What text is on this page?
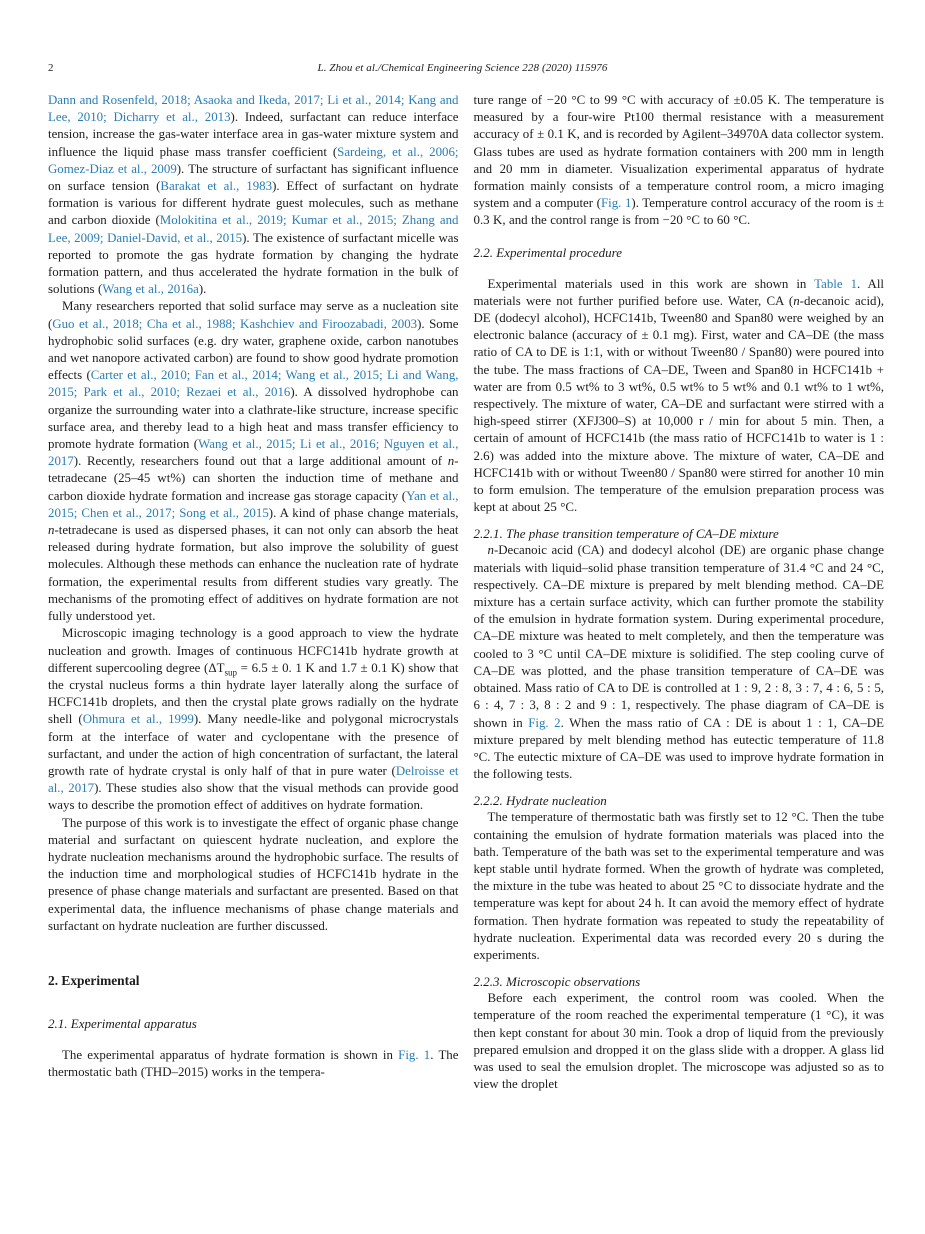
2	L. Zhou et al./Chemical Engineering Science 228 (2020) 115976

Dann and Rosenfeld, 2018; Asaoka and Ikeda, 2017; Li et al., 2014; Kang and Lee, 2010; Dicharry et al., 2013). Indeed, surfactant can reduce interface tension, increase the gas-water interface area in gas-water mixture system and influence the liquid phase mass transfer coefficient (Sardeing, et al., 2006; Gomez-Diaz et al., 2009). The structure of surfactant has significant influence on surface tension (Barakat et al., 1983). Effect of surfactant on hydrate formation is various for different hydrate guest molecules, such as methane and carbon dioxide (Molokitina et al., 2019; Kumar et al., 2015; Zhang and Lee, 2009; Daniel-David, et al., 2015). The existence of surfactant micelle was reported to promote the gas hydrate formation by changing the hydrate formation pattern, and thus accelerated the hydrate formation in the bulk of solutions (Wang et al., 2016a).

Many researchers reported that solid surface may serve as a nucleation site (Guo et al., 2018; Cha et al., 1988; Kashchiev and Firoozabadi, 2003). Some hydrophobic solid surfaces (e.g. dry water, graphene oxide, carbon nanotubes and wet nanopore activated carbon) are found to show good hydrate promotion effects (Carter et al., 2010; Fan et al., 2014; Wang et al., 2015; Li and Wang, 2015; Park et al., 2010; Rezaei et al., 2016). A dissolved hydrophobe can organize the surrounding water into a clathrate-like structure, increase specific surface area, and thereby lead to a high heat and mass transfer efficiency to promote hydrate formation (Wang et al., 2015; Li et al., 2016; Nguyen et al., 2017). Recently, researchers found out that a large additional amount of n-tetradecane (25–45 wt%) can shorten the induction time of methane and carbon dioxide hydrate formation and increase gas storage capacity (Yan et al., 2015; Chen et al., 2017; Song et al., 2015). A kind of phase change materials, n-tetradecane is used as dispersed phases, it can not only can absorb the heat released during hydrate formation, but also improve the solubility of guest molecules. Although these methods can enhance the nucleation rate of hydrate formation, the experimental results from different studies vary greatly. The mechanisms of the promoting effect of additives on hydrate formation are not fully understood yet.

Microscopic imaging technology is a good approach to view the hydrate nucleation and growth. Images of continuous HCFC141b hydrate growth at different supercooling degree ($\Delta T_{sup} = 6.5 \pm 0$. 1 K and 1.7 ± 0.1 K) show that the crystal nucleus forms a thin hydrate layer laterally along the surface of HCFC141b droplets, and then the crystal plate grows radially on the hydrate shell (Ohmura et al., 1999). Many needle-like and polygonal microcrystals form at the interface of water and cyclopentane with the presence of surfactant, and under the action of high concentration of surfactant, the lateral growth rate of hydrate crystal is only half of that in pure water (Delroisse et al., 2017). These studies also show that the visual methods can provide good ways to describe the promotion effect of additives on hydrate formation.

The purpose of this work is to investigate the effect of organic phase change material and surfactant on quiescent hydrate nucleation, and explore the hydrate nucleation mechanisms around the hydrophobic surface. The results of the induction time and morphological studies of HCFC141b hydrate in the presence of phase change materials and surfactant are presented. Based on that experimental data, the influence mechanisms of phase change materials and surfactant on hydrate nucleation are further discussed.

2. Experimental
2.1. Experimental apparatus

The experimental apparatus of hydrate formation is shown in Fig. 1. The thermostatic bath (THD–2015) works in the tempera-

ture range of −20 °C to 99 °C with accuracy of ±0.05 K. The temperature is measured by a four-wire Pt100 thermal resistance with a measurement accuracy of ± 0.1 K, and is recorded by Agilent–34970A data collector system. Glass tubes are used as hydrate formation containers with 200 mm in length and 20 mm in diameter. Visualization experimental apparatus of hydrate formation mainly consists of a temperature control room, a micro imaging system and a computer (Fig. 1). Temperature control accuracy of the room is ± 0.3 K, and the control range is from −20 °C to 60 °C.

2.2. Experimental procedure

Experimental materials used in this work are shown in Table 1. All materials were not further purified before use. Water, CA (n-decanoic acid), DE (dodecyl alcohol), HCFC141b, Tween80 and Span80 were weighed by an electronic balance (accuracy of ± 0.1 mg). First, water and CA–DE (the mass ratio of CA to DE is 1:1, with or without Tween80 / Span80) were poured into the tube. The mass fractions of CA–DE, Tween and Span80 in HCFC141b + water are from 0.5 wt% to 3 wt%, 0.5 wt% to 5 wt% and 0.1 wt% to 1 wt%, respectively. The mixture of water, CA–DE and surfactant were stirred with a high-speed stirrer (XFJ300–S) at 10,000 r / min for about 5 min. Then, a certain of amount of HCFC141b (the mass ratio of HCFC141b to water is 1 : 2.6) was added into the mixture above. The mixture of water, CA–DE and HCFC141b with or without Tween80 / Span80 were stirred for another 10 min to form emulsion. The temperature of the emulsion preparation process was kept at about 25 °C.

2.2.1. The phase transition temperature of CA–DE mixture

n-Decanoic acid (CA) and dodecyl alcohol (DE) are organic phase change materials with liquid–solid phase transition temperature of 31.4 °C and 24 °C, respectively. CA–DE mixture is prepared by melt blending method. CA–DE mixture has a certain surface activity, which can further promote the stability of the emulsion in hydrate formation system. During experimental procedure, CA–DE mixture was heated to melt completely, and then the temperature was cooled to 3 °C until CA–DE mixture is solidified. The step cooling curve of CA–DE was plotted, and the phase transition temperature of CA–DE was obtained. Mass ratio of CA to DE is controlled at 1 : 9, 2 : 8, 3 : 7, 4 : 6, 5 : 5, 6 : 4, 7 : 3, 8 : 2 and 9 : 1, respectively. The phase diagram of CA–DE is shown in Fig. 2. When the mass ratio of CA : DE is about 1 : 1, CA–DE mixture prepared by melt blending method has eutectic temperature of 11.8 °C. The eutectic mixture of CA–DE was used to improve hydrate formation in the following tests.

2.2.2. Hydrate nucleation

The temperature of thermostatic bath was firstly set to 12 °C. Then the tube containing the emulsion of hydrate formation materials was placed into the bath. Temperature of the bath was set to the experimental temperature and was kept stable until hydrate formed. When the growth of hydrate was completed, the mixture in the tube was heated to about 25 °C to dissociate hydrate and the temperature was kept for about 24 h. It can avoid the memory effect of hydrate formation. Then hydrate formation was repeated to study the repeatability of hydrate nucleation. Experimental data was recorded every 20 s during the experiments.

2.2.3. Microscopic observations

Before each experiment, the control room was cooled. When the temperature of the room reached the experimental temperature (1 °C), it was then kept constant for about 30 min. Took a drop of liquid from the previously prepared emulsion and dropped it on the glass slide with a dropper. A glass lid was used to seal the emulsion droplet. The microscope was adjusted so as to view the droplet
